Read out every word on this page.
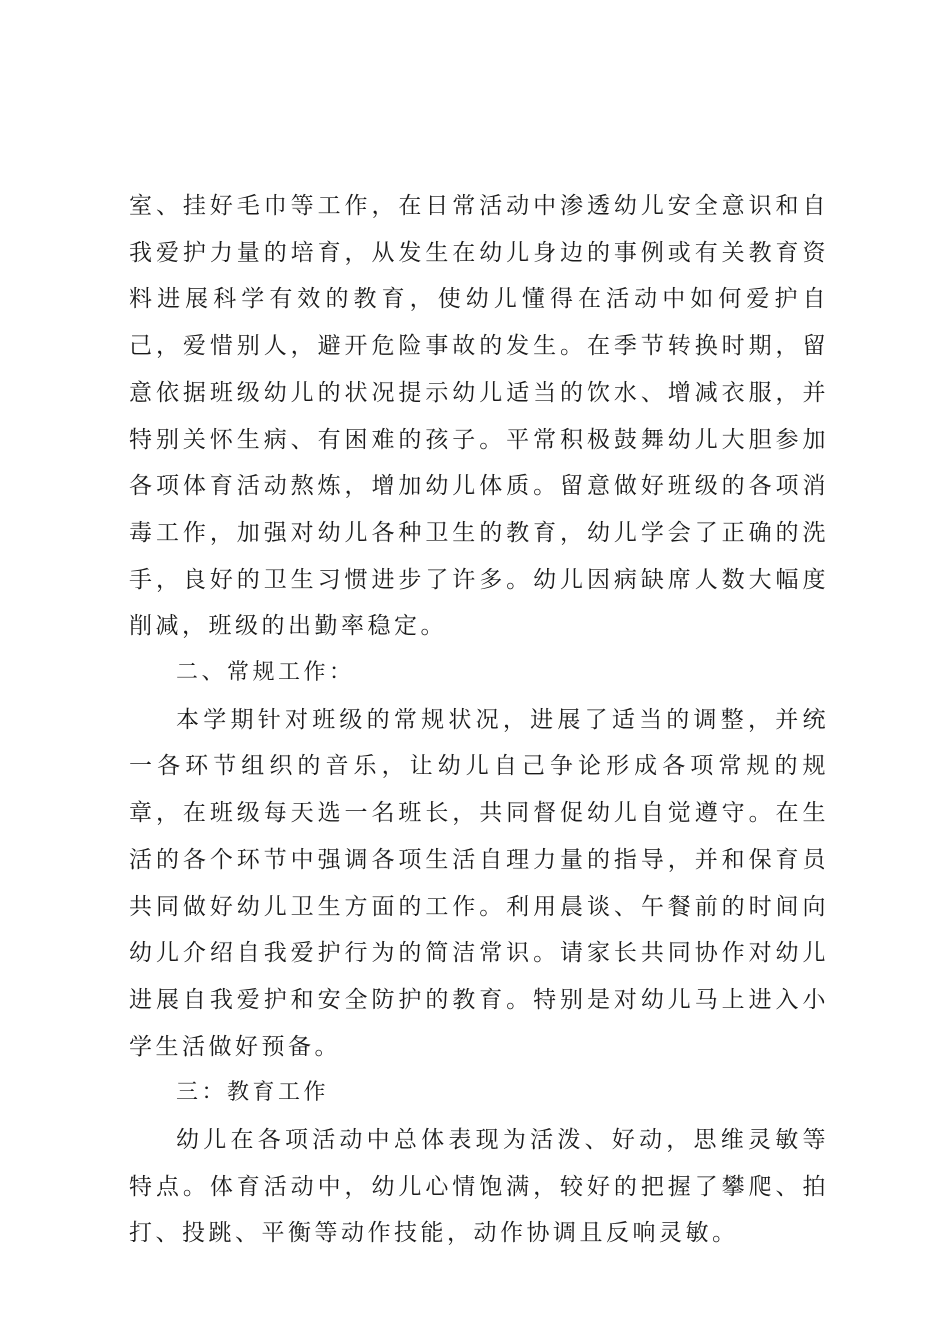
室、挂好毛巾等工作，在日常活动中渗透幼儿安全意识和自我爱护力量的培育，从发生在幼儿身边的事例或有关教育资料进展科学有效的教育，使幼儿懂得在活动中如何爱护自己，爱惜别人，避开危险事故的发生。在季节转换时期，留意依据班级幼儿的状况提示幼儿适当的饮水、增减衣服，并特别关怀生病、有困难的孩子。平常积极鼓舞幼儿大胆参加各项体育活动熬炼，增加幼儿体质。留意做好班级的各项消毒工作，加强对幼儿各种卫生的教育，幼儿学会了正确的洗手，良好的卫生习惯进步了许多。幼儿因病缺席人数大幅度削减，班级的出勤率稳定。

二、常规工作：

本学期针对班级的常规状况，进展了适当的调整，并统一各环节组织的音乐，让幼儿自己争论形成各项常规的规章，在班级每天选一名班长，共同督促幼儿自觉遵守。在生活的各个环节中强调各项生活自理力量的指导，并和保育员共同做好幼儿卫生方面的工作。利用晨谈、午餐前的时间向幼儿介绍自我爱护行为的简洁常识。请家长共同协作对幼儿进展自我爱护和安全防护的教育。特别是对幼儿马上进入小学生活做好预备。

三：教育工作

幼儿在各项活动中总体表现为活泼、好动，思维灵敏等特点。体育活动中，幼儿心情饱满，较好的把握了攀爬、拍打、投跳、平衡等动作技能，动作协调且反响灵敏。
